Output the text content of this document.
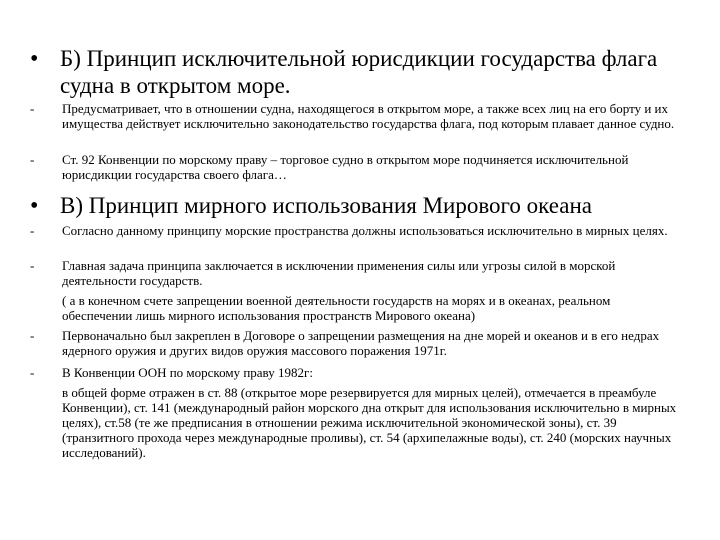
• Б) Принцип исключительной юрисдикции государства флага судна в открытом море.
- Предусматривает, что в отношении судна, находящегося в открытом море, а также всех лиц на его борту и их имущества действует исключительно законодательство государства флага, под которым плавает данное судно.
- Ст. 92 Конвенции по морскому праву – торговое судно в открытом море подчиняется исключительной юрисдикции государства своего флага…
• В) Принцип мирного использования Мирового океана
- Согласно данному принципу морские пространства должны использоваться исключительно в мирных целях.
- Главная задача принципа заключается в исключении применения силы или угрозы силой в морской деятельности государств.
( а в конечном счете запрещении военной деятельности государств на морях и в океанах, реальном обеспечении лишь мирного использования пространств Мирового океана)
- Первоначально был закреплен в Договоре о запрещении размещения на дне морей и океанов и в его недрах ядерного оружия и других видов оружия массового поражения 1971г.
- В Конвенции ООН по морскому праву 1982г:
в общей форме отражен в ст. 88 (открытое море резервируется для мирных целей), отмечается в преамбуле Конвенции), ст. 141 (международный район морского дна открыт для использования исключительно в мирных целях), ст.58 (те же предписания в отношении режима исключительной экономической зоны), ст. 39 (транзитного прохода через международные проливы), ст. 54 (архипелажные воды), ст. 240 (морских научных исследований).
